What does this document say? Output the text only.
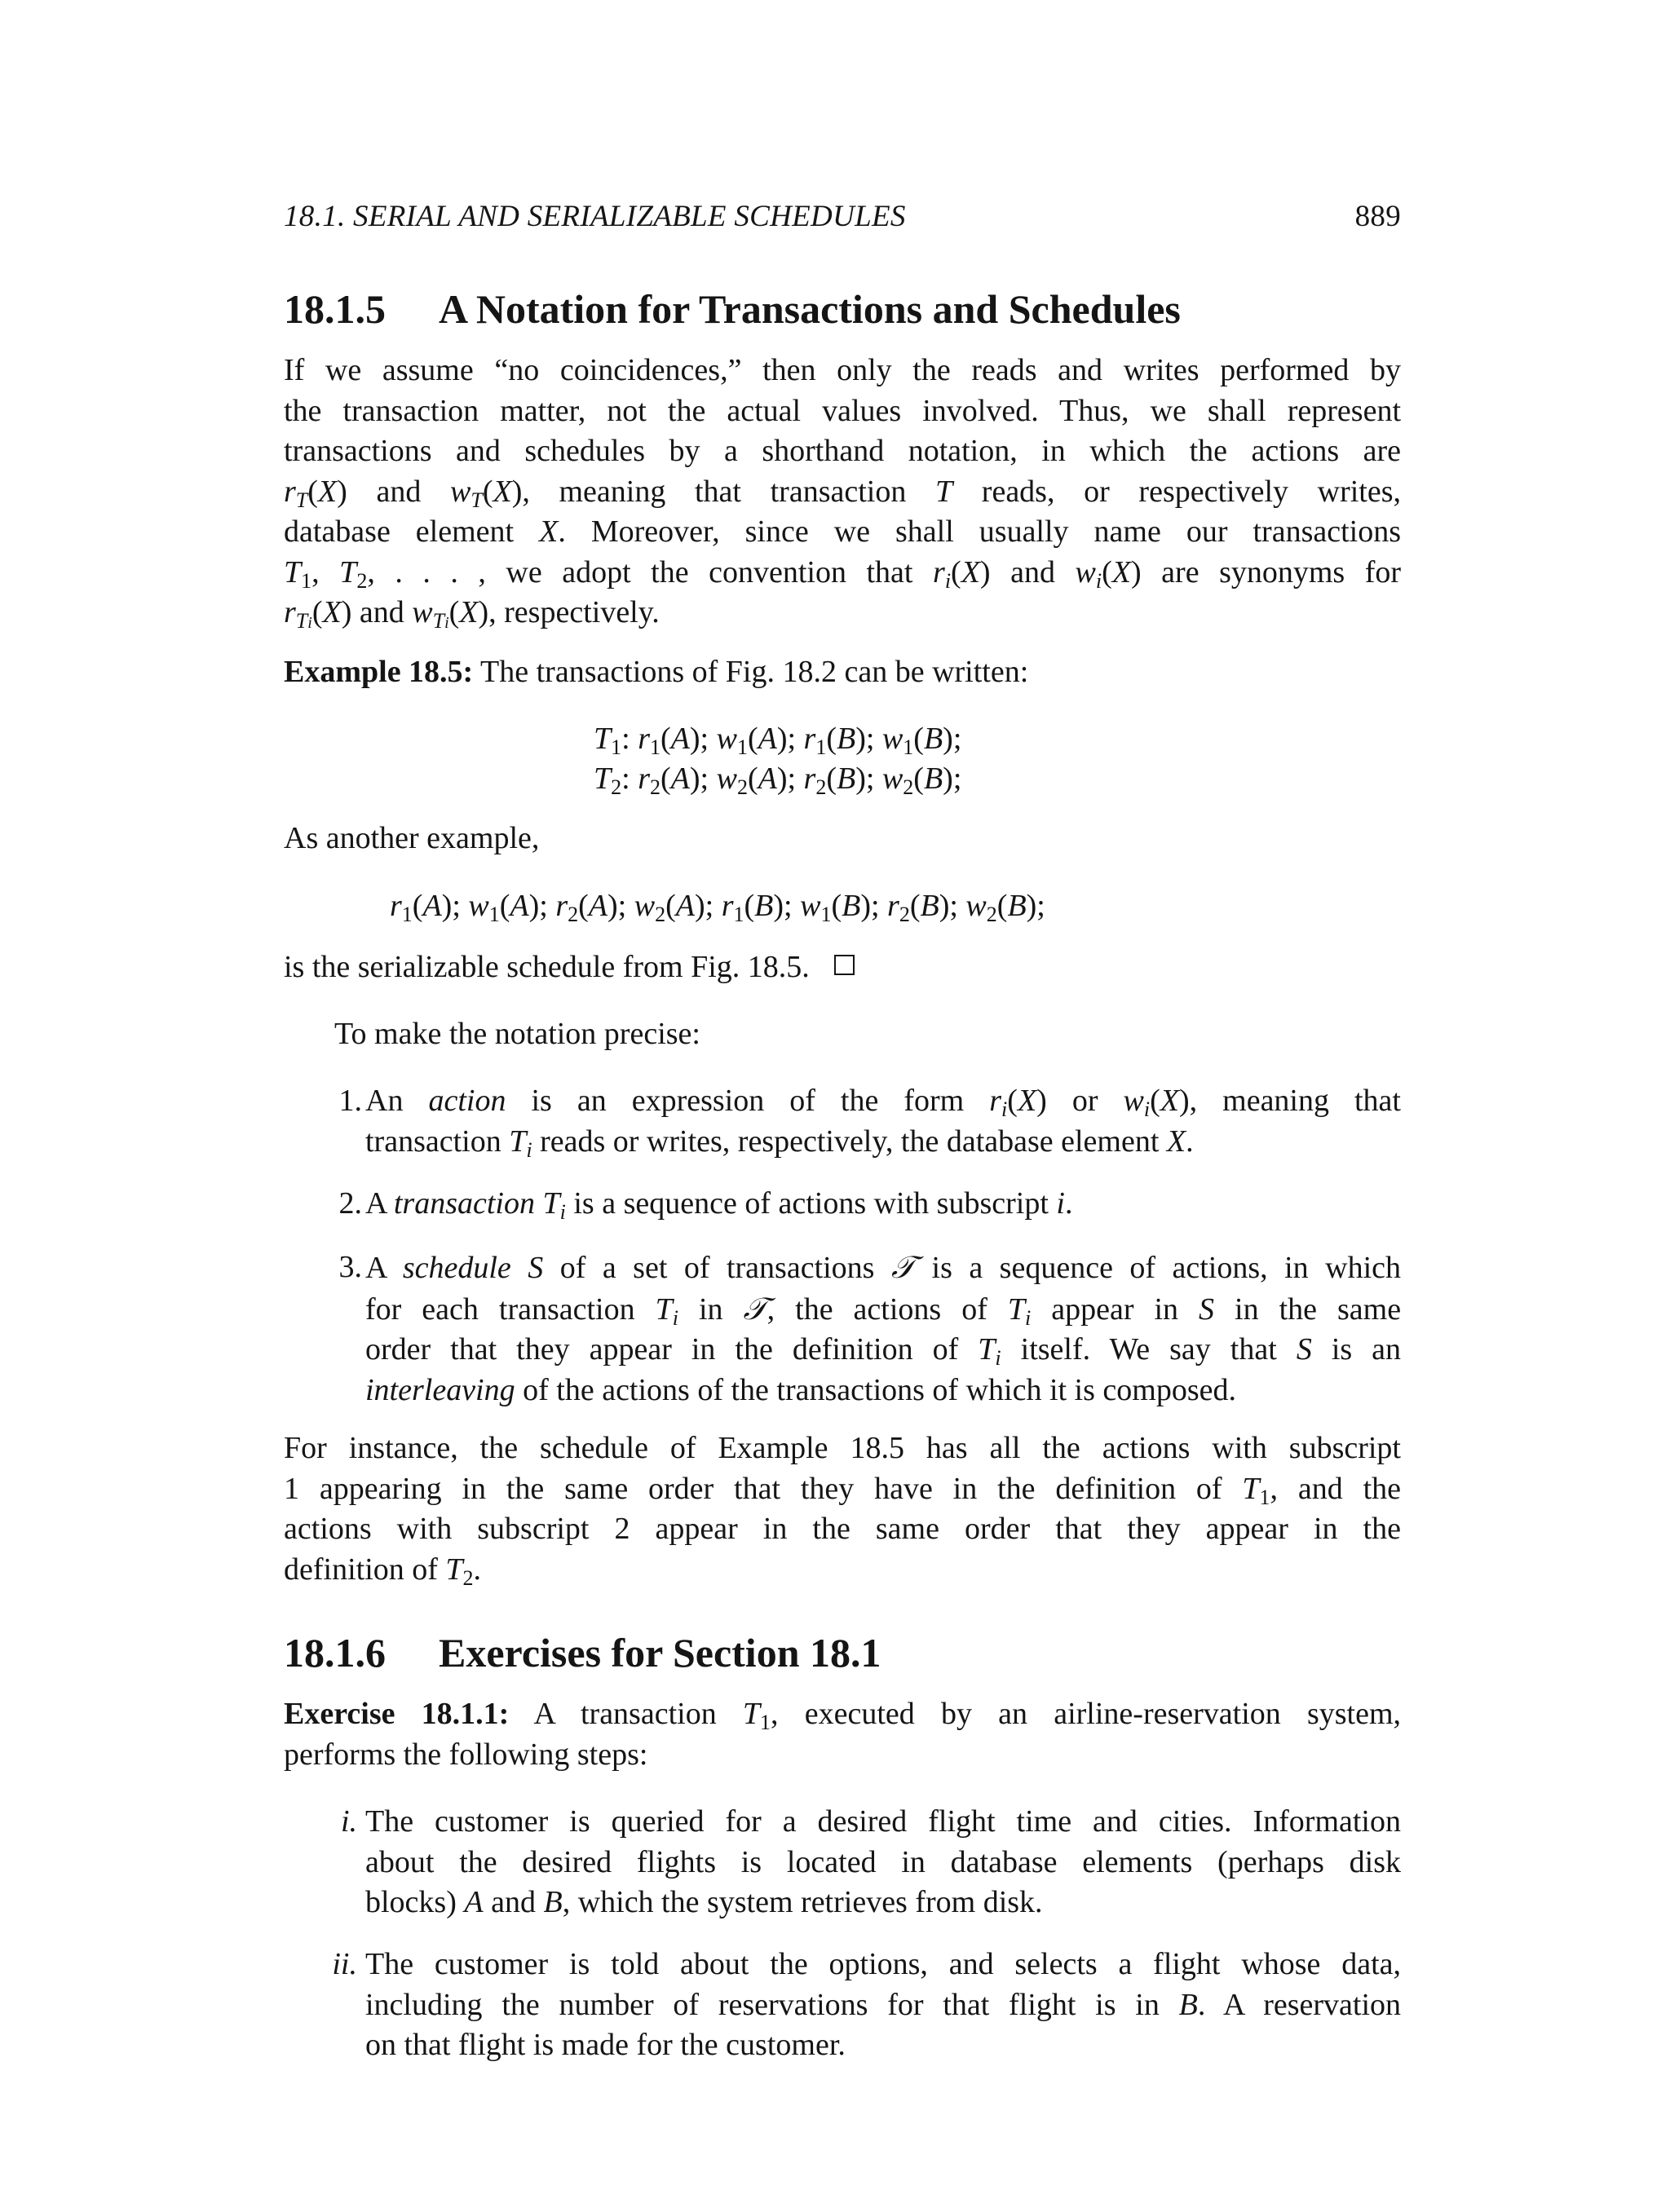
18.1. SERIAL AND SERIALIZABLE SCHEDULES	889
18.1.5 A Notation for Transactions and Schedules
If we assume “no coincidences,” then only the reads and writes performed by
the transaction matter, not the actual values involved. Thus, we shall represent
transactions and schedules by a shorthand notation, in which the actions are
$r_T(X)$ and $w_T(X)$, meaning that transaction T reads, or respectively writes,
database element X. Moreover, since we shall usually name our transactions
$T_1$, $T_2$, . . . , we adopt the convention that $r_i(X)$ and $w_i(X)$ are synonyms for
$r_{Ti}(X)$ and $w_{Ti}(X)$, respectively.
Example 18.5: The transactions of Fig. 18.2 can be written:
$T_1$: $r_1(A)$; $w_1(A)$; $r_1(B)$; $w_1(B)$;
$T_2$: $r_2(A)$; $w_2(A)$; $r_2(B)$; $w_2(B)$;
As another example,
$r_1(A)$; $w_1(A)$; $r_2(A)$; $w_2(A)$; $r_1(B)$; $w_1(B)$; $r_2(B)$; $w_2(B)$;
is the serializable schedule from Fig. 18.5.
To make the notation precise:
1. An action is an expression of the form $r_i(X)$ or $w_i(X)$, meaning that
transaction $T_i$ reads or writes, respectively, the database element X.
2. A transaction $T_i$ is a sequence of actions with subscript i.
3. A schedule S of a set of transactions 𝒯 is a sequence of actions, in which
for each transaction $T_i$ in 𝒯, the actions of $T_i$ appear in S in the same
order that they appear in the definition of $T_i$ itself. We say that S is an
interleaving of the actions of the transactions of which it is composed.
For instance, the schedule of Example 18.5 has all the actions with subscript
1 appearing in the same order that they have in the definition of $T_1$, and the
actions with subscript 2 appear in the same order that they appear in the
definition of $T_2$.
18.1.6 Exercises for Section 18.1
Exercise 18.1.1: A transaction $T_1$, executed by an airline-reservation system,
performs the following steps:
i. The customer is queried for a desired flight time and cities. Information
about the desired flights is located in database elements (perhaps disk
blocks) A and B, which the system retrieves from disk.
ii. The customer is told about the options, and selects a flight whose data,
including the number of reservations for that flight is in B. A reservation
on that flight is made for the customer.
